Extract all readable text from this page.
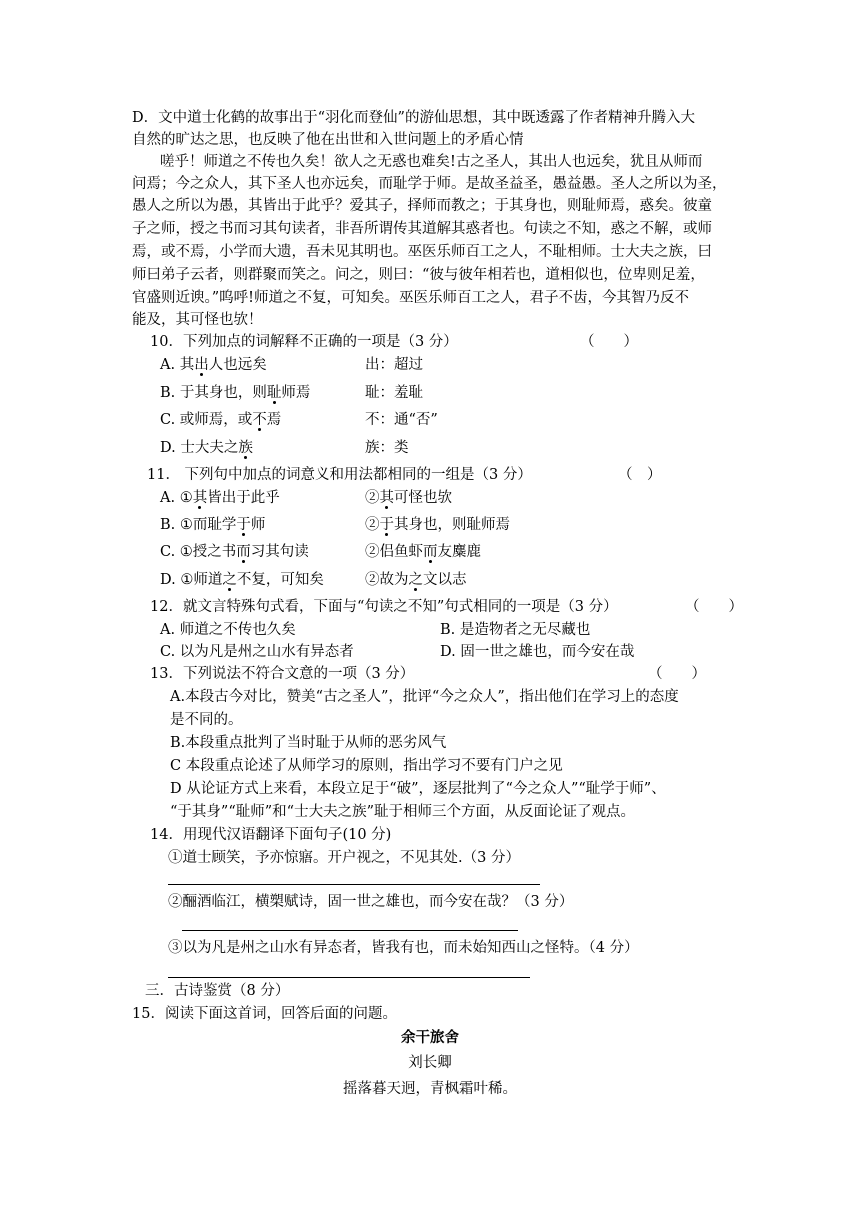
D．文中道士化鹤的故事出于“羽化而登仙”的游仙思想，其中既透露了作者精神升腾入大
自然的旷达之思，也反映了他在出世和入世问题上的矛盾心情
嗟乎！师道之不传也久矣！欲人之无惑也难矣!古之圣人，其出人也远矣，犹且从师而
问焉；今之众人，其下圣人也亦远矣，而耻学于师。是故圣益圣，愚益愚。圣人之所以为圣，
愚人之所以为愚，其皆出于此乎？爱其子，择师而教之；于其身也，则耻师焉，惑矣。彼童
子之师，授之书而习其句读者，非吾所谓传其道解其惑者也。句读之不知，惑之不解，或师
焉，或不焉，小学而大遗，吾未见其明也。巫医乐师百工之人，不耻相师。士大夫之族，曰
师曰弟子云者，则群聚而笑之。问之，则曰：“彼与彼年相若也，道相似也，位卑则足羞，
官盛则近谀。”呜呼!师道之不复，可知矣。巫医乐师百工之人，君子不齿，今其智乃反不
能及，其可怪也欤！
10．下列加点的词解释不正确的一项是（3 分）	（　　）
A. 其出人也远矣	出：超过
B. 于其身也，则耻师焉	耻：羞耻
C. 或师焉，或不焉	不：通“否”
D. 士大夫之族	族：类
11． 下列句中加点的词意义和用法都相同的一组是（3 分）	（　）
A. ①其皆出于此乎	②其可怪也欤
B. ①而耻学于师	②于其身也，则耻师焉
C. ①授之书而习其句读	②侣鱼虾而友麋鹿
D. ①师道之不复，可知矣	②故为之文以志
12．就文言特殊句式看，下面与“句读之不知”句式相同的一项是（3 分）	（　　）
A. 师道之不传也久矣	B. 是造物者之无尽藏也
C. 以为凡是州之山水有异态者	D. 固一世之雄也，而今安在哉
13．下列说法不符合文意的一项（3 分）	（　　）
A.本段古今对比，赞美“古之圣人”，批评“今之众人”，指出他们在学习上的态度
是不同的。
B.本段重点批判了当时耻于从师的恶劣风气
C 本段重点论述了从师学习的原则，指出学习不要有门户之见
D 从论证方式上来看，本段立足于“破”，逐层批判了“今之众人”“耻学于师”、
“于其身”“耻师”和“士大夫之族”耻于相师三个方面，从反面论证了观点。
14．用现代汉语翻译下面句子(10 分)
①道士顾笑，予亦惊寤。开户视之，不见其处.（3 分）
②酾酒临江，横槊赋诗，固一世之雄也，而今安在哉？（3 分）
③以为凡是州之山水有异态者，皆我有也，而未始知西山之怪特。（4 分）
三．古诗鉴赏（8 分）
15．阅读下面这首词，回答后面的问题。
余干旅舍
刘长卿
摇落暮天迥，青枫霜叶稀。
